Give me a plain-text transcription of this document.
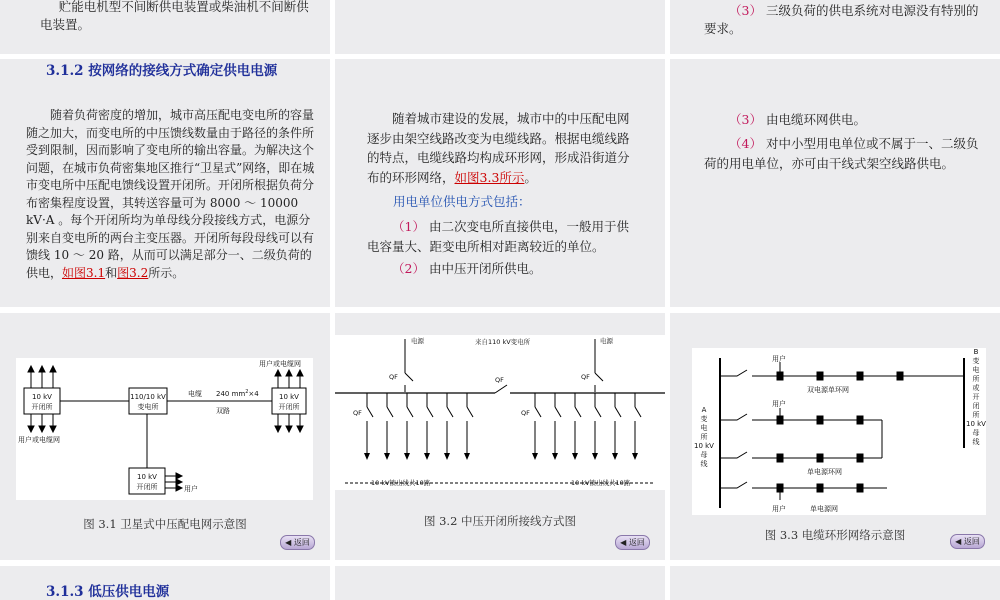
贮能电机型不间断供电装置或柴油机不间断供电装置。

（3） 三级负荷的供电系统对电源没有特别的要求。
3.1.2 按网络的接线方式确定供电电源
随着负荷密度的增加，城市高压配电变电所的容量随之加大，而变电所的中压馈线数量由于路径的条件所受到限制，因而影响了变电所的输出容量。为解决这个问题，在城市负荷密集地区推行“卫星式”网络，即在城市变电所中压配电馈线设置开闭所。开闭所根据负荷分布密集程度设置，其转送容量可为 8000 ～ 10000 kV·A 。每个开闭所均为单母线分段接线方式，电源分别来自变电所的两台主变压器。开闭所每段母线可以有馈线 10 ～ 20 路，从而可以满足部分一、二级负荷的供电，如图3.1和图3.2所示。
随着城市建设的发展，城市中的中压配电网逐步由架空线路改变为电缆线路。根据电缆线路的特点，电缆线路均构成环形网，形成沿街道分布的环形网络，如图3.3所示。
用电单位供电方式包括：
（1） 由二次变电所直接供电，一般用于供电容量大、距变电所相对距离较近的单位。
（2） 由中压开闭所供电。
（3） 由电缆环网供电。
（4） 对中小型用电单位或不属于一、二级负荷的用电单位，亦可由干线式架空线路供电。
10 kV
开闭所
110/10 kV
变电所
10 kV
开闭所
10 kV
开闭所
电缆 240 $mm^2\times 4$
双路
用户或电缆网
用户或电缆网
用户
图 3.1 卫星式中压配电网示意图
◀ 返回
电源	来自110 kV变电所	电源
QF	QF	QF
QF	QF
10 kV馈出线共10路	10 kV馈出线共10路
图 3.2 中压开闭所接线方式图
◀ 返回
用户
用户
用户
双电源单环网
单电源环网
单电源网
A
变
电
所
10 kV
母
线
B
变
电
所
或
开
闭
所
10 kV
母
线
图 3.3 电缆环形网络示意图	◀ 返回
3.1.3 低压供电电源
